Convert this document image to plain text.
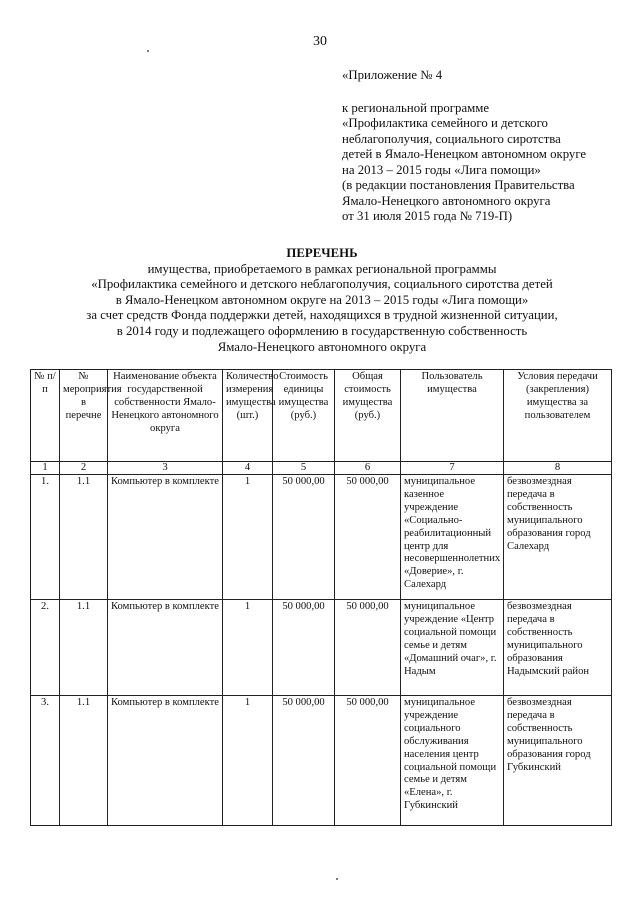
30
«Приложение № 4
к региональной программе
«Профилактика семейного и детского
неблагополучия, социального сиротства
детей в Ямало-Ненецком автономном округе
на 2013 – 2015 годы «Лига помощи»
(в редакции постановления Правительства
Ямало-Ненецкого автономного округа
от 31 июля 2015 года № 719-П)
ПЕРЕЧЕНЬ
имущества, приобретаемого в рамках региональной программы
«Профилактика семейного и детского неблагополучия, социального сиротства детей
в Ямало-Ненецком автономном округе на 2013 – 2015 годы «Лига помощи»
за счет средств Фонда поддержки детей, находящихся в трудной жизненной ситуации,
в 2014 году и подлежащего оформлению в государственную собственность
Ямало-Ненецкого автономного округа
№ п/п	№ мероприятия в перечне	Наименование объекта государственной собственности Ямало-Ненецкого автономного округа	Количество измерения имущества (шт.)	Стоимость единицы имущества (руб.)	Общая стоимость имущества (руб.)	Пользователь имущества	Условия передачи (закрепления) имущества за пользователем
1	2	3	4	5	6	7	8
1.	1.1	Компьютер в комплекте	1	50 000,00	50 000,00	муниципальное казенное учреждение «Социально-реабилитационный центр для несовершеннолетних «Доверие», г. Салехард	безвозмездная передача в собственность муниципального образования город Салехард
2.	1.1	Компьютер в комплекте	1	50 000,00	50 000,00	муниципальное учреждение «Центр социальной помощи семье и детям «Домашний очаг», г. Надым	безвозмездная передача в собственность муниципального образования Надымский район
3.	1.1	Компьютер в комплекте	1	50 000,00	50 000,00	муниципальное учреждение социального обслуживания населения центр социальной помощи семье и детям «Елена», г. Губкинский	безвозмездная передача в собственность муниципального образования город Губкинский
